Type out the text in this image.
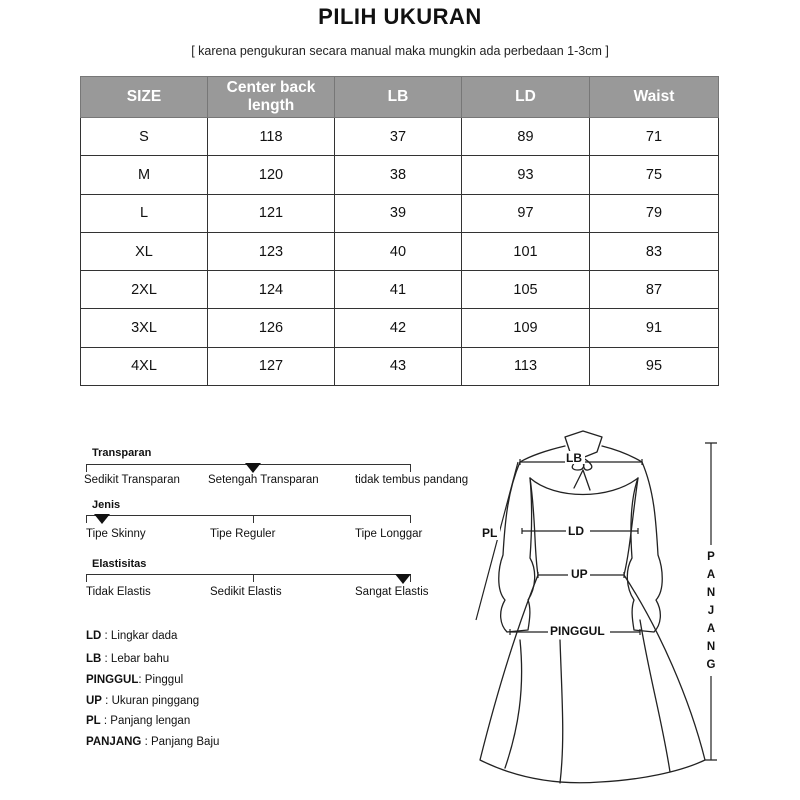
PILIH UKURAN
[ karena pengukuran secara manual maka mungkin ada perbedaan 1-3cm ]
SIZE	Center back length	LB	LD	Waist
S	118	37	89	71
M	120	38	93	75
L	121	39	97	79
XL	123	40	101	83
2XL	124	41	105	87
3XL	126	42	109	91
4XL	127	43	113	95
Transparan
Sedikit Transparan Setengah Transparan	tidak tembus pandang
Jenis
Tipe Skinny	Tipe Reguler	Tipe Longgar
Elastisitas
Tidak Elastis	Sedikit Elastis	Sangat Elastis
LD : Lingkar dada
LB : Lebar bahu
PINGGUL: Pinggul
UP : Ukuran pinggang
PL : Panjang lengan
PANJANG : Panjang Baju
LB
LD
UP
PINGGUL
PL
P
A
N
J
A
N
G
